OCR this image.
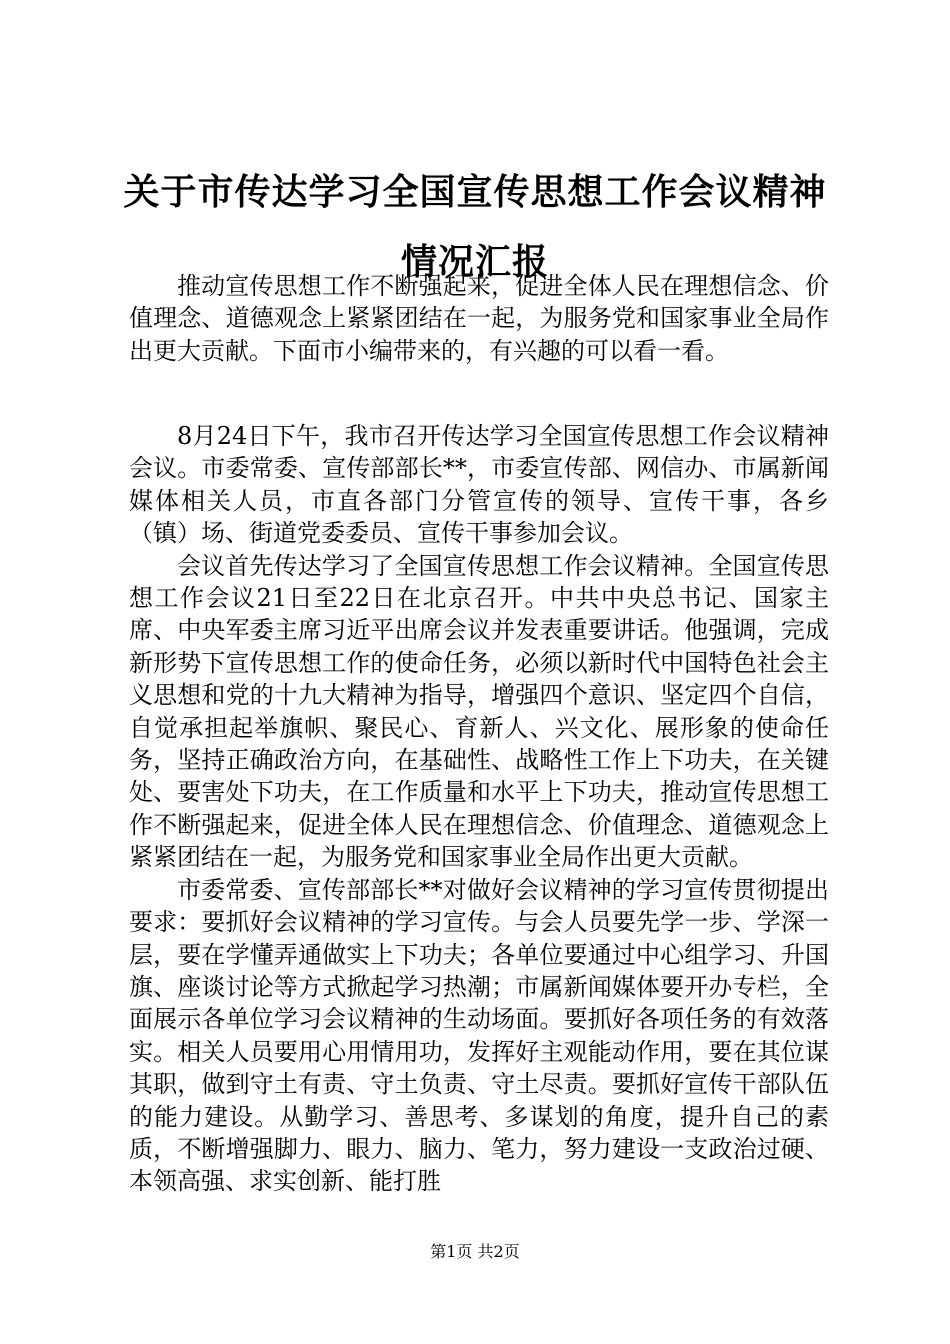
关于市传达学习全国宣传思想工作会议精神情况汇报

推动宣传思想工作不断强起来，促进全体人民在理想信念、价值理念、道德观念上紧紧团结在一起，为服务党和国家事业全局作出更大贡献。下面市小编带来的，有兴趣的可以看一看。

8月24日下午，我市召开传达学习全国宣传思想工作会议精神会议。市委常委、宣传部部长**，市委宣传部、网信办、市属新闻媒体相关人员，市直各部门分管宣传的领导、宣传干事，各乡（镇）场、街道党委委员、宣传干事参加会议。

会议首先传达学习了全国宣传思想工作会议精神。全国宣传思想工作会议21日至22日在北京召开。中共中央总书记、国家主席、中央军委主席习近平出席会议并发表重要讲话。他强调，完成新形势下宣传思想工作的使命任务，必须以新时代中国特色社会主义思想和党的十九大精神为指导，增强四个意识、坚定四个自信，自觉承担起举旗帜、聚民心、育新人、兴文化、展形象的使命任务，坚持正确政治方向，在基础性、战略性工作上下功夫，在关键处、要害处下功夫，在工作质量和水平上下功夫，推动宣传思想工作不断强起来，促进全体人民在理想信念、价值理念、道德观念上紧紧团结在一起，为服务党和国家事业全局作出更大贡献。

市委常委、宣传部部长**对做好会议精神的学习宣传贯彻提出要求：要抓好会议精神的学习宣传。与会人员要先学一步、学深一层，要在学懂弄通做实上下功夫；各单位要通过中心组学习、升国旗、座谈讨论等方式掀起学习热潮；市属新闻媒体要开办专栏，全面展示各单位学习会议精神的生动场面。要抓好各项任务的有效落实。相关人员要用心用情用功，发挥好主观能动作用，要在其位谋其职，做到守土有责、守土负责、守土尽责。要抓好宣传干部队伍的能力建设。从勤学习、善思考、多谋划的角度，提升自己的素质，不断增强脚力、眼力、脑力、笔力，努力建设一支政治过硬、本领高强、求实创新、能打胜

第1页 共2页
